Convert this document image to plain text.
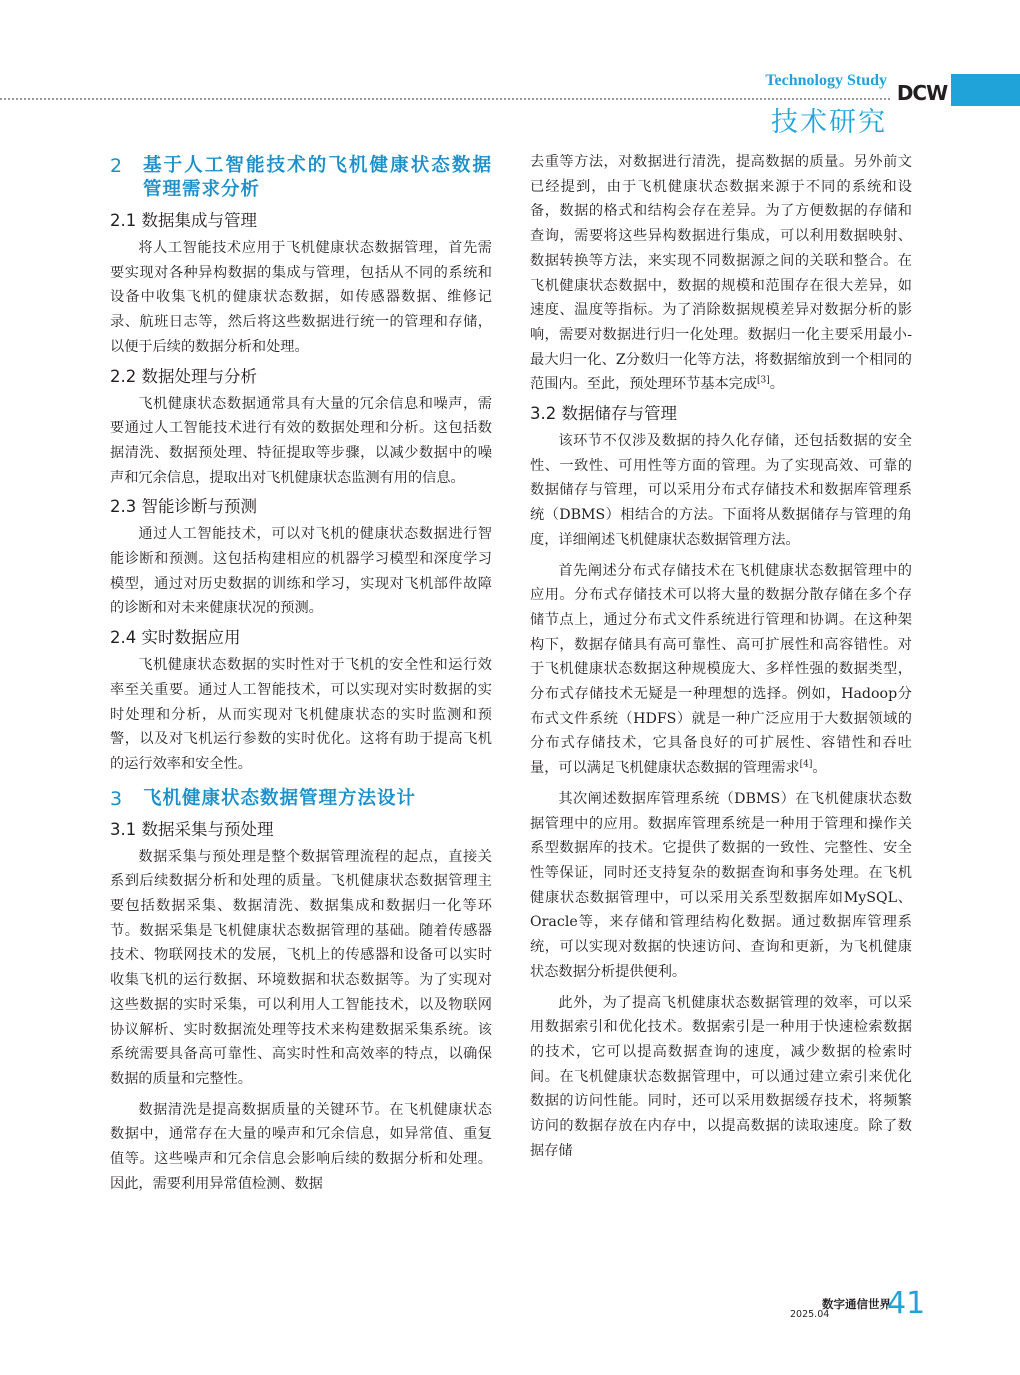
Technology Study
技术研究
DCW
2	基于人工智能技术的飞机健康状态数据管理需求分析
2.1 数据集成与管理

将人工智能技术应用于飞机健康状态数据管理，首先需要实现对各种异构数据的集成与管理，包括从不同的系统和设备中收集飞机的健康状态数据，如传感器数据、维修记录、航班日志等，然后将这些数据进行统一的管理和存储，以便于后续的数据分析和处理。

2.2 数据处理与分析

飞机健康状态数据通常具有大量的冗余信息和噪声，需要通过人工智能技术进行有效的数据处理和分析。这包括数据清洗、数据预处理、特征提取等步骤，以减少数据中的噪声和冗余信息，提取出对飞机健康状态监测有用的信息。

2.3 智能诊断与预测

通过人工智能技术，可以对飞机的健康状态数据进行智能诊断和预测。这包括构建相应的机器学习模型和深度学习模型，通过对历史数据的训练和学习，实现对飞机部件故障的诊断和对未来健康状况的预测。

2.4 实时数据应用

飞机健康状态数据的实时性对于飞机的安全性和运行效率至关重要。通过人工智能技术，可以实现对实时数据的实时处理和分析，从而实现对飞机健康状态的实时监测和预警，以及对飞机运行参数的实时优化。这将有助于提高飞机的运行效率和安全性。

3	飞机健康状态数据管理方法设计
3.1 数据采集与预处理

数据采集与预处理是整个数据管理流程的起点，直接关系到后续数据分析和处理的质量。飞机健康状态数据管理主要包括数据采集、数据清洗、数据集成和数据归一化等环节。数据采集是飞机健康状态数据管理的基础。随着传感器技术、物联网技术的发展，飞机上的传感器和设备可以实时收集飞机的运行数据、环境数据和状态数据等。为了实现对这些数据的实时采集，可以利用人工智能技术，以及物联网协议解析、实时数据流处理等技术来构建数据采集系统。该系统需要具备高可靠性、高实时性和高效率的特点，以确保数据的质量和完整性。

数据清洗是提高数据质量的关键环节。在飞机健康状态数据中，通常存在大量的噪声和冗余信息，如异常值、重复值等。这些噪声和冗余信息会影响后续的数据分析和处理。因此，需要利用异常值检测、数据

去重等方法，对数据进行清洗，提高数据的质量。另外前文已经提到，由于飞机健康状态数据来源于不同的系统和设备，数据的格式和结构会存在差异。为了方便数据的存储和查询，需要将这些异构数据进行集成，可以利用数据映射、数据转换等方法，来实现不同数据源之间的关联和整合。在飞机健康状态数据中，数据的规模和范围存在很大差异，如速度、温度等指标。为了消除数据规模差异对数据分析的影响，需要对数据进行归一化处理。数据归一化主要采用最小-最大归一化、Z分数归一化等方法，将数据缩放到一个相同的范围内。至此，预处理环节基本完成[3]。

3.2 数据储存与管理

该环节不仅涉及数据的持久化存储，还包括数据的安全性、一致性、可用性等方面的管理。为了实现高效、可靠的数据储存与管理，可以采用分布式存储技术和数据库管理系统（DBMS）相结合的方法。下面将从数据储存与管理的角度，详细阐述飞机健康状态数据管理方法。

首先阐述分布式存储技术在飞机健康状态数据管理中的应用。分布式存储技术可以将大量的数据分散存储在多个存储节点上，通过分布式文件系统进行管理和协调。在这种架构下，数据存储具有高可靠性、高可扩展性和高容错性。对于飞机健康状态数据这种规模庞大、多样性强的数据类型，分布式存储技术无疑是一种理想的选择。例如，Hadoop分布式文件系统（HDFS）就是一种广泛应用于大数据领域的分布式存储技术，它具备良好的可扩展性、容错性和吞吐量，可以满足飞机健康状态数据的管理需求[4]。

其次阐述数据库管理系统（DBMS）在飞机健康状态数据管理中的应用。数据库管理系统是一种用于管理和操作关系型数据库的技术。它提供了数据的一致性、完整性、安全性等保证，同时还支持复杂的数据查询和事务处理。在飞机健康状态数据管理中，可以采用关系型数据库如MySQL、Oracle等，来存储和管理结构化数据。通过数据库管理系统，可以实现对数据的快速访问、查询和更新，为飞机健康状态数据分析提供便利。

此外，为了提高飞机健康状态数据管理的效率，可以采用数据索引和优化技术。数据索引是一种用于快速检索数据的技术，它可以提高数据查询的速度，减少数据的检索时间。在飞机健康状态数据管理中，可以通过建立索引来优化数据的访问性能。同时，还可以采用数据缓存技术，将频繁访问的数据存放在内存中，以提高数据的读取速度。除了数据存储

数字通信世界
2025.04 41
